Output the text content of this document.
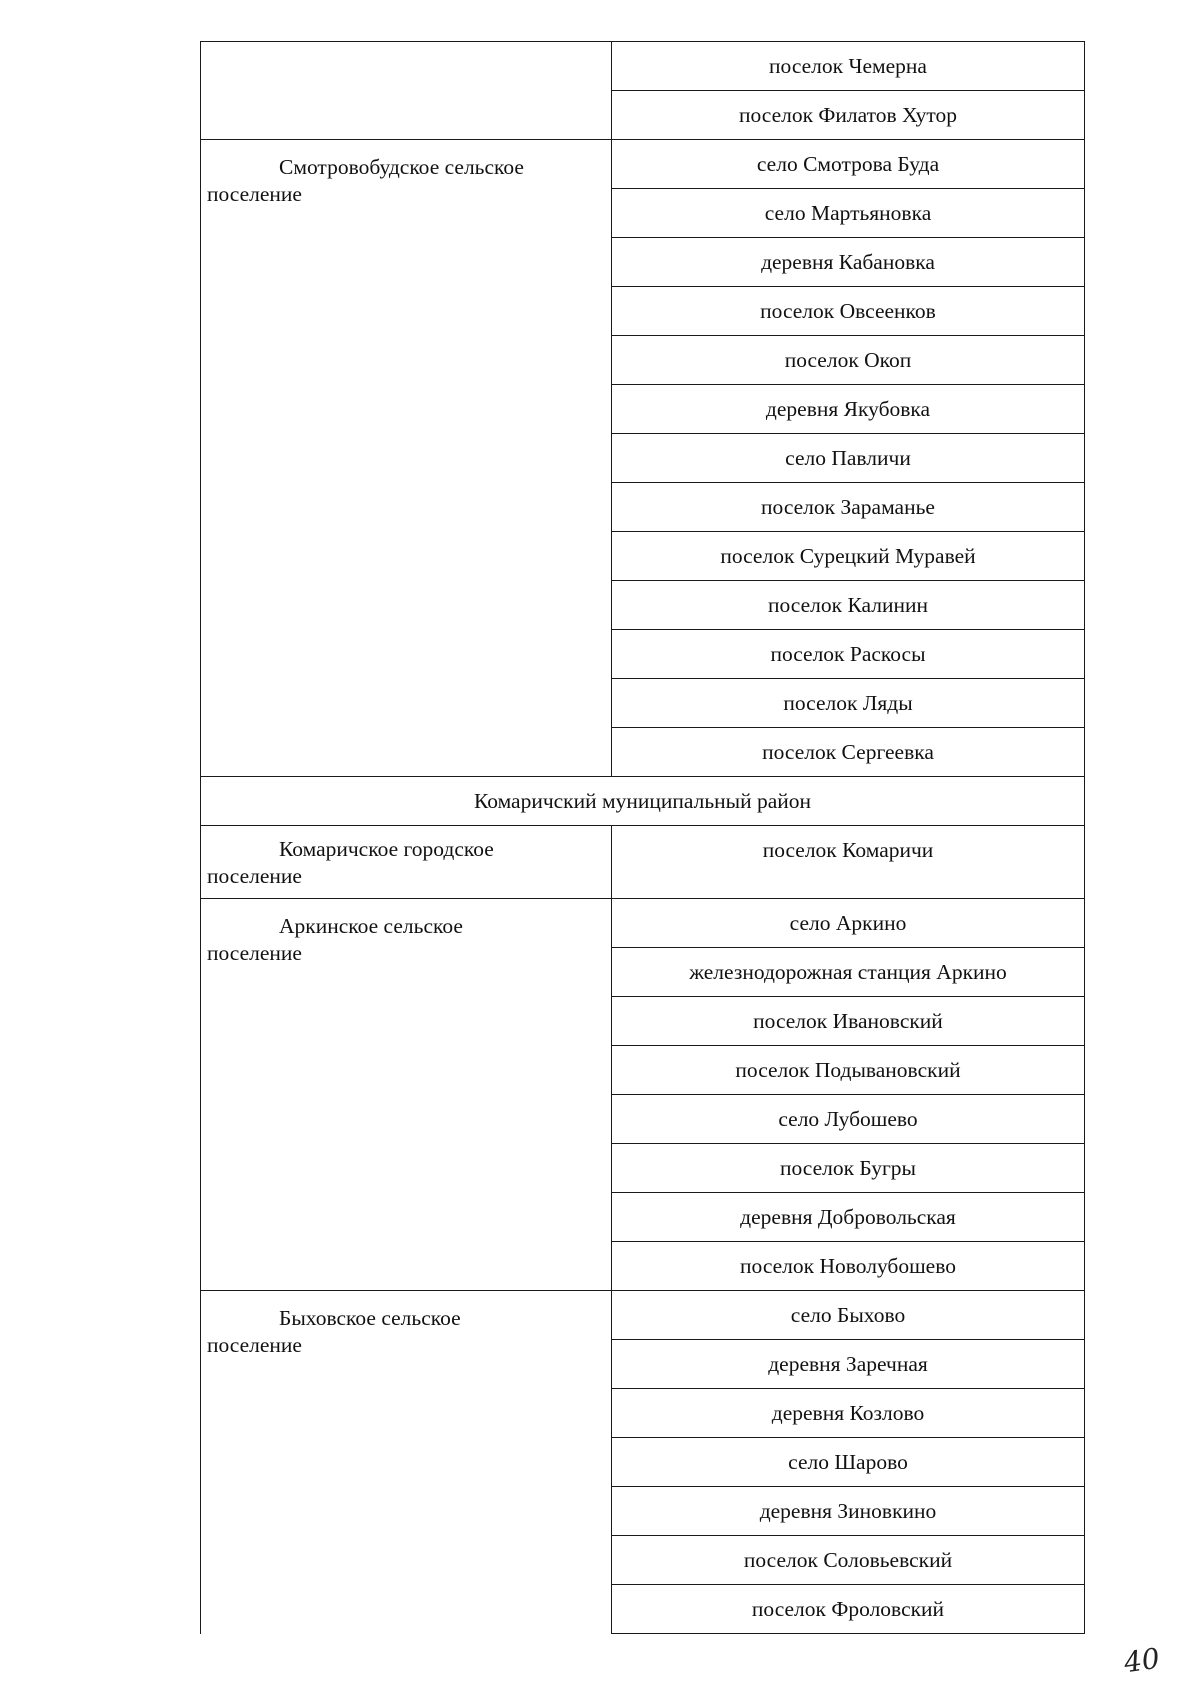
	поселок Чемерна
	поселок Филатов Хутор

Смотровобудское сельское
поселение	село Смотрова Буда
	село Мартьяновка
	деревня Кабановка
	поселок Овсеенков
	поселок Окоп
	деревня Якубовка
	село Павличи
	поселок Зараманье
	поселок Сурецкий Муравей
	поселок Калинин
	поселок Раскосы
	поселок Ляды
	поселок Сергеевка
Комаричский муниципальный район	

Комаричское городское
поселение	поселок Комаричи

Аркинское сельское
поселение	село Аркино
	железнодорожная станция Аркино
	поселок Ивановский
	поселок Подывановский
	село Лубошево
	поселок Бугры
	деревня Добровольская
	поселок Новолубошево

Быховское сельское
поселение	село Быхово
	деревня Заречная
	деревня Козлово
	село Шарово
	деревня Зиновкино
	поселок Соловьевский
	поселок Фроловский
40
